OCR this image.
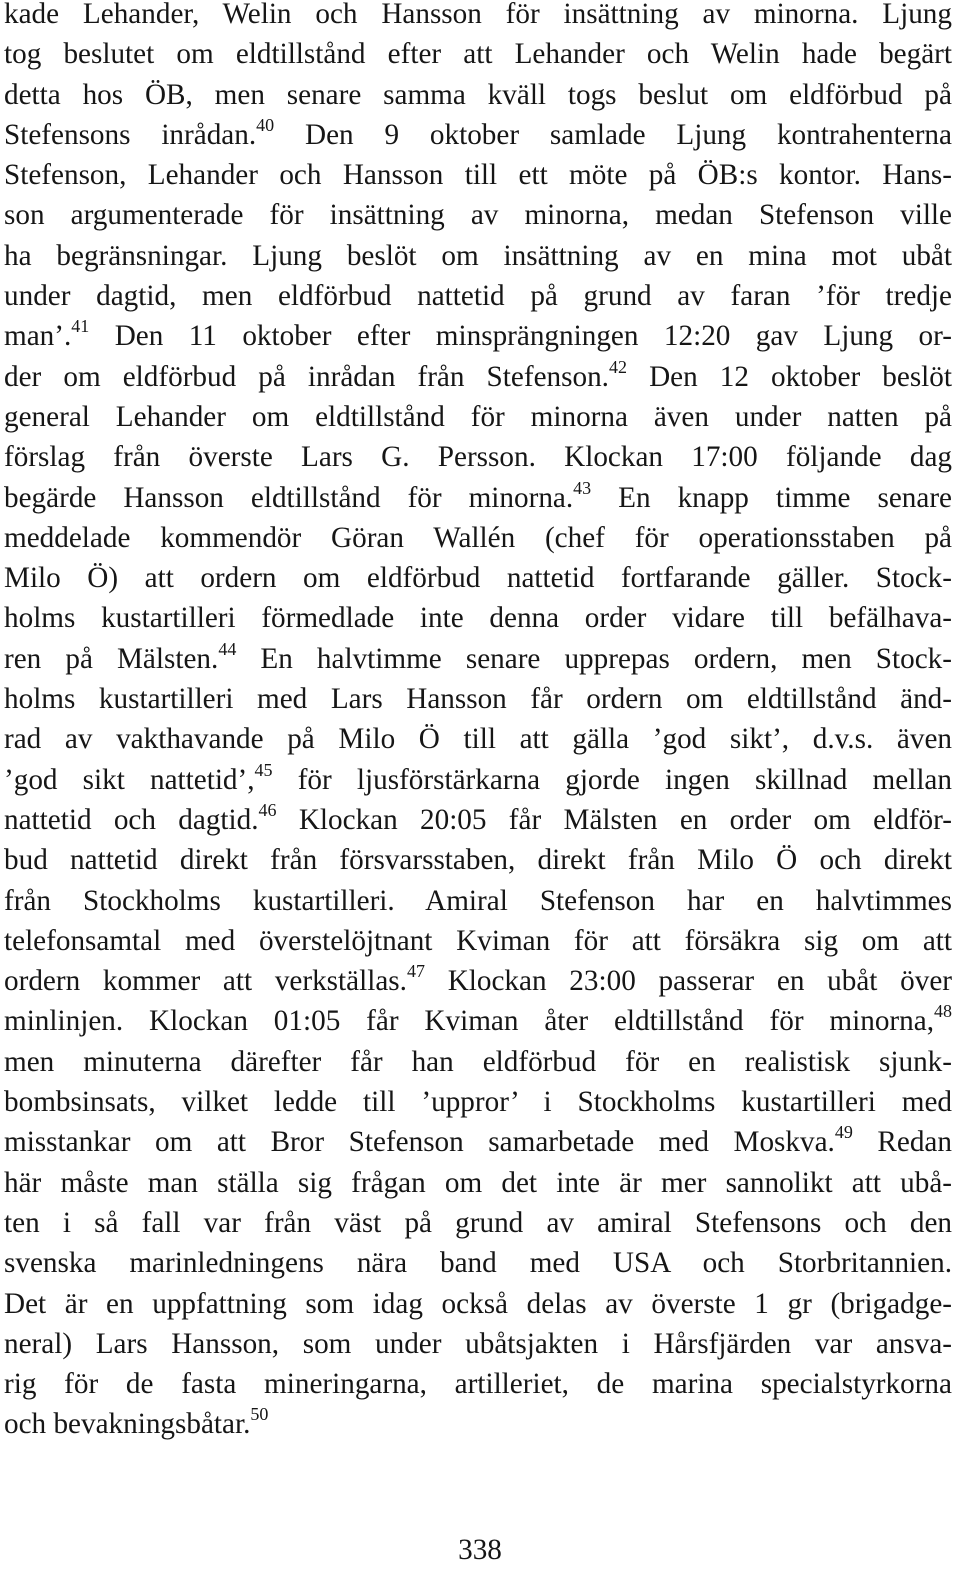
kade Lehander, Welin och Hansson för insättning av minorna. Ljung
tog beslutet om eldtillstånd efter att Lehander och Welin hade begärt
detta hos ÖB, men senare samma kväll togs beslut om eldförbud på
Stefensons inrådan.$^{40}$ Den 9 oktober samlade Ljung kontrahenterna
Stefenson, Lehander och Hansson till ett möte på ÖB:s kontor. Hans-
son argumenterade för insättning av minorna, medan Stefenson ville
ha begränsningar. Ljung beslöt om insättning av en mina mot ubåt
under dagtid, men eldförbud nattetid på grund av faran ’för tredje
man’.$^{41}$ Den 11 oktober efter minsprängningen 12:20 gav Ljung or-
der om eldförbud på inrådan från Stefenson.$^{42}$ Den 12 oktober beslöt
general Lehander om eldtillstånd för minorna även under natten på
förslag från överste Lars G. Persson. Klockan 17:00 följande dag
begärde Hansson eldtillstånd för minorna.$^{43}$ En knapp timme senare
meddelade kommendör Göran Wallén (chef för operationsstaben på
Milo Ö) att ordern om eldförbud nattetid fortfarande gäller. Stock-
holms kustartilleri förmedlade inte denna order vidare till befälhava-
ren på Mälsten.$^{44}$ En halvtimme senare upprepas ordern, men Stock-
holms kustartilleri med Lars Hansson får ordern om eldtillstånd änd-
rad av vakthavande på Milo Ö till att gälla ’god sikt’, d.v.s. även
’god sikt nattetid’,$^{45}$ för ljusförstärkarna gjorde ingen skillnad mellan
nattetid och dagtid.$^{46}$ Klockan 20:05 får Mälsten en order om eldför-
bud nattetid direkt från försvarsstaben, direkt från Milo Ö och direkt
från Stockholms kustartilleri. Amiral Stefenson har en halvtimmes
telefonsamtal med överstelöjtnant Kviman för att försäkra sig om att
ordern kommer att verkställas.$^{47}$ Klockan 23:00 passerar en ubåt över
minlinjen. Klockan 01:05 får Kviman åter eldtillstånd för minorna,$^{48}$
men minuterna därefter får han eldförbud för en realistisk sjunk-
bombsinsats, vilket ledde till ’uppror’ i Stockholms kustartilleri med
misstankar om att Bror Stefenson samarbetade med Moskva.$^{49}$ Redan
här måste man ställa sig frågan om det inte är mer sannolikt att ubå-
ten i så fall var från väst på grund av amiral Stefensons och den
svenska marinledningens nära band med USA och Storbritannien.
Det är en uppfattning som idag också delas av överste 1 gr (brigadge-
neral) Lars Hansson, som under ubåtsjakten i Hårsfjärden var ansva-
rig för de fasta mineringarna, artilleriet, de marina specialstyrkorna
och bevakningsbåtar.$^{50}$
338
